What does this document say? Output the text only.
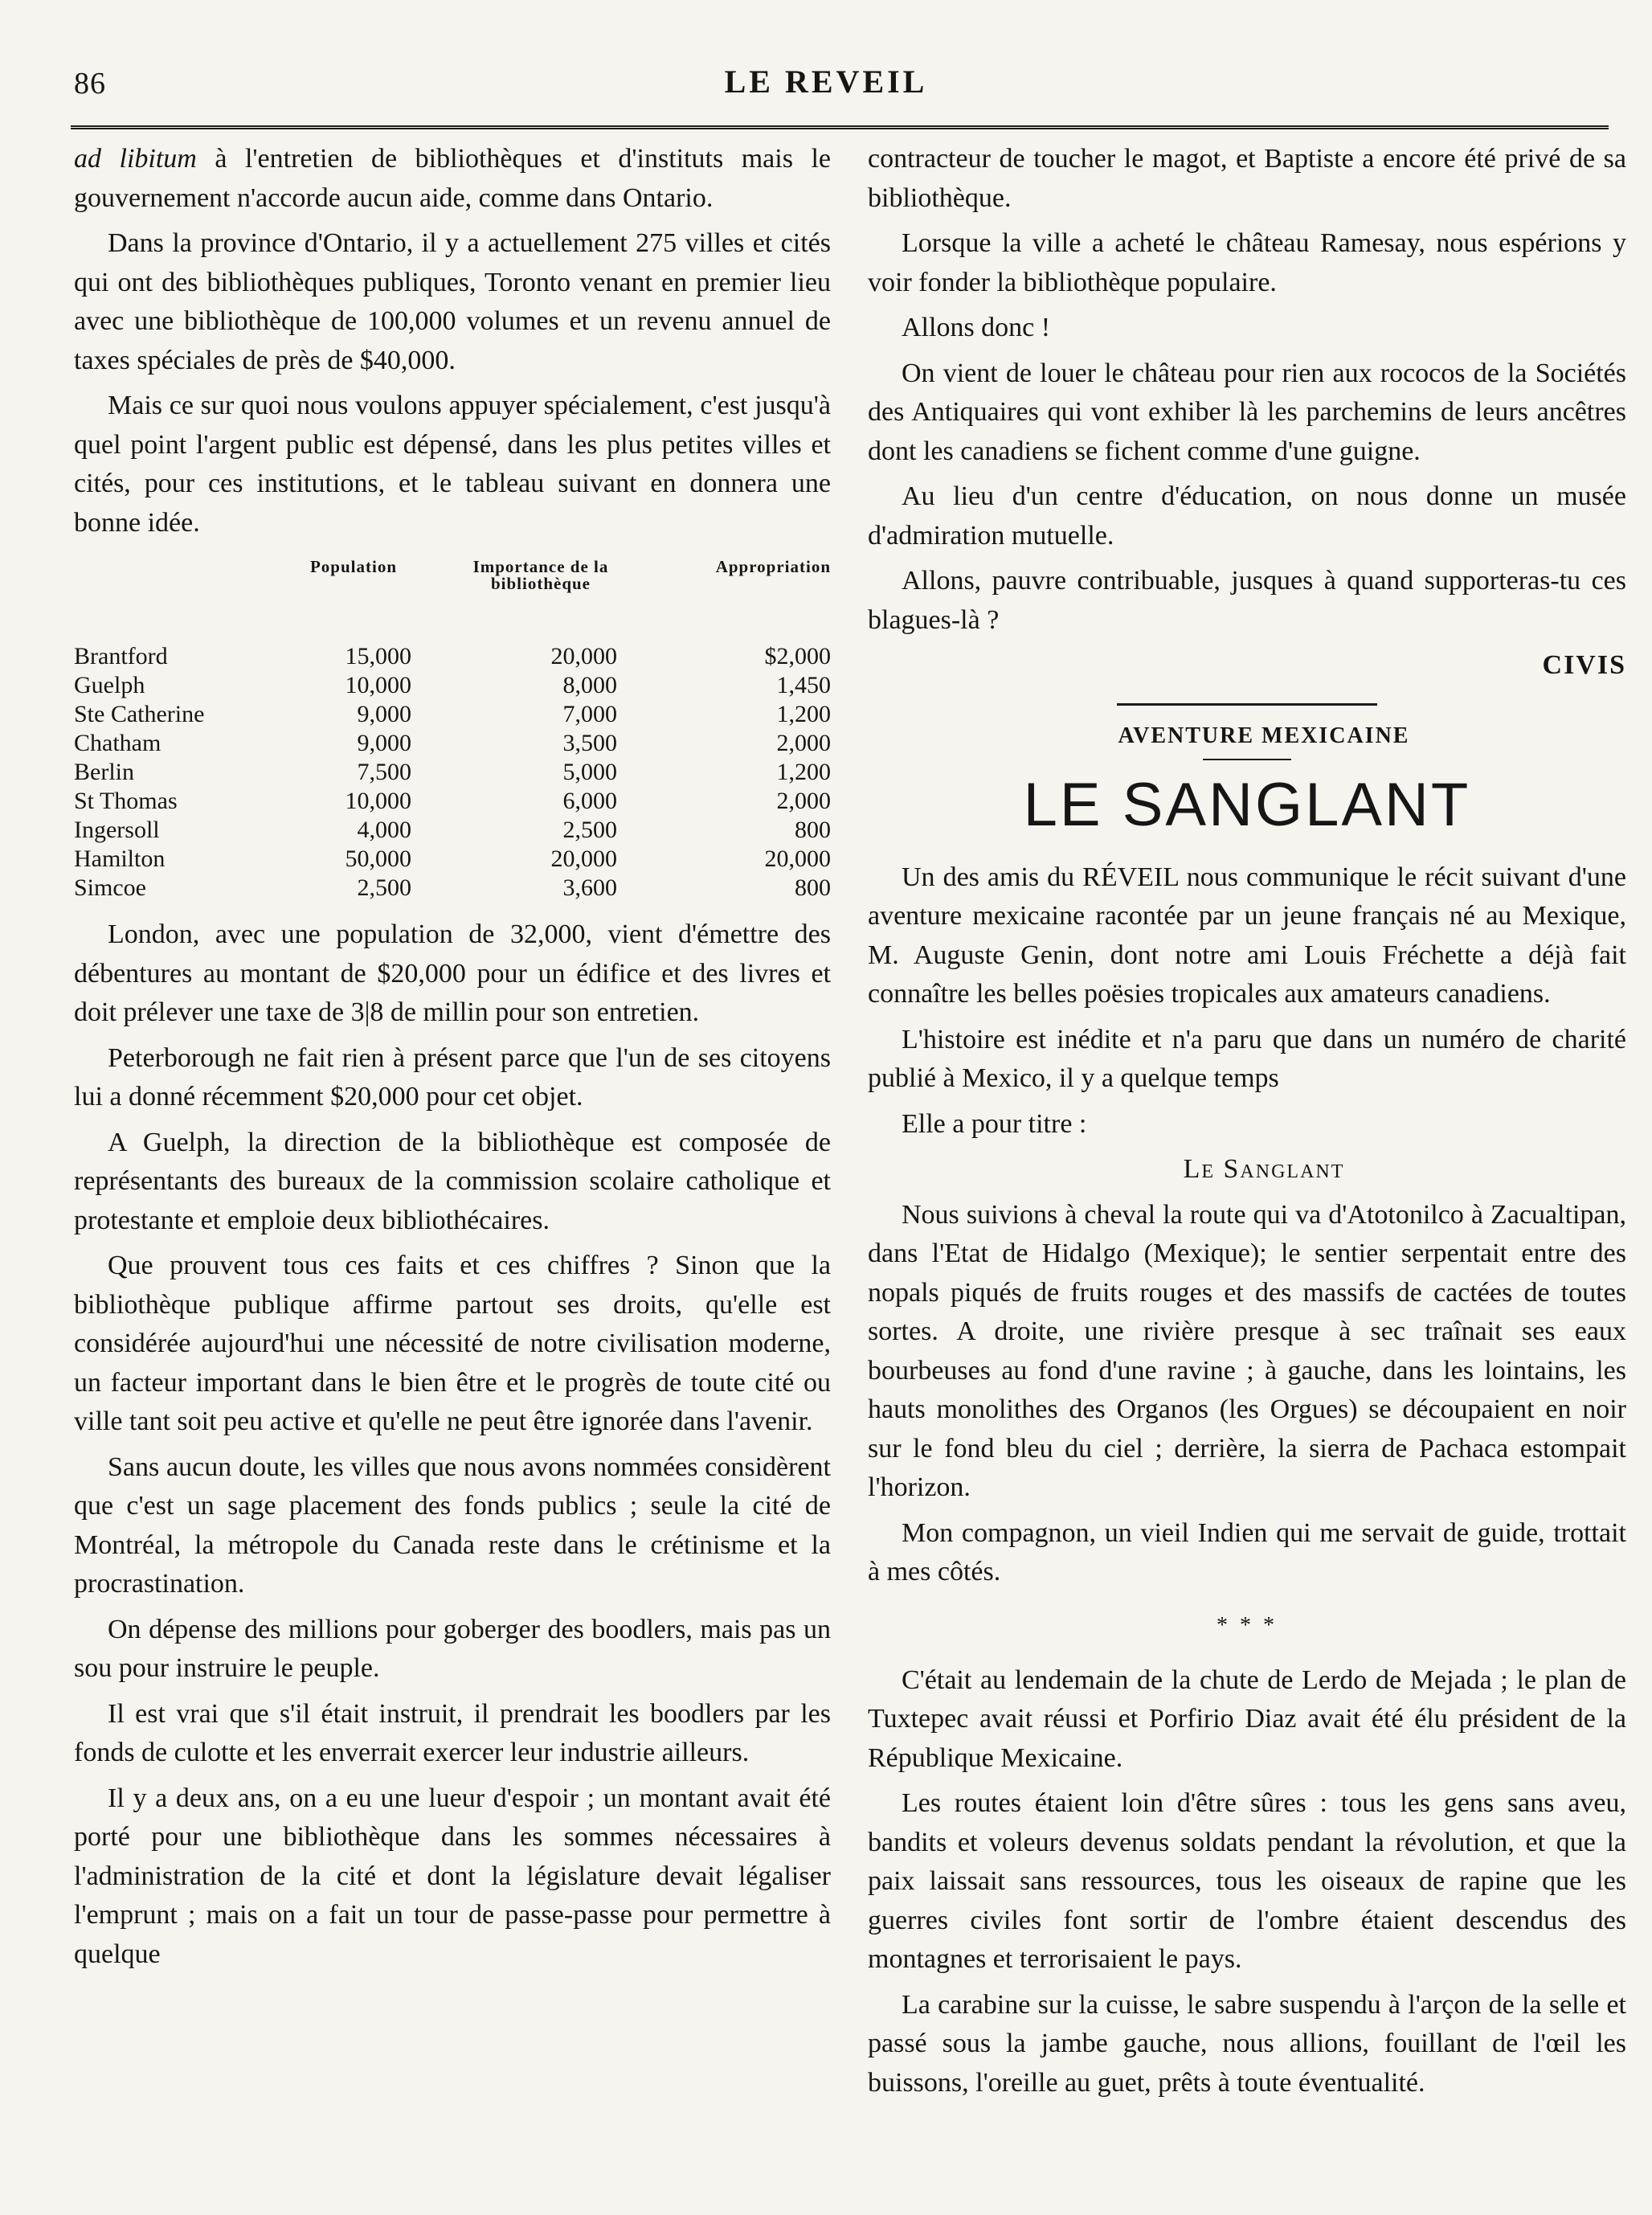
86	LE REVEIL

ad libitum à l'entretien de bibliothèques et d'instituts mais le gouvernement n'accorde aucun aide, comme dans Ontario.

Dans la province d'Ontario, il y a actuellement 275 villes et cités qui ont des bibliothèques publiques, Toronto venant en premier lieu avec une bibliothèque de 100,000 volumes et un revenu annuel de taxes spéciales de près de $40,000.

Mais ce sur quoi nous voulons appuyer spécialement, c'est jusqu'à quel point l'argent public est dépensé, dans les plus petites villes et cités, pour ces institutions, et le tableau suivant en donnera une bonne idée.

	Population	Importance de la bibliothèque	Appropriation
Brantford	15,000	20,000	$2,000
Guelph	10,000	8,000	1,450
Ste Catherine	9,000	7,000	1,200
Chatham	9,000	3,500	2,000
Berlin	7,500	5,000	1,200
St Thomas	10,000	6,000	2,000
Ingersoll	4,000	2,500	800
Hamilton	50,000	20,000	20,000
Simcoe	2,500	3,600	800

London, avec une population de 32,000, vient d'émettre des débentures au montant de $20,000 pour un édifice et des livres et doit prélever une taxe de 3|8 de millin pour son entretien.

Peterborough ne fait rien à présent parce que l'un de ses citoyens lui a donné récemment $20,000 pour cet objet.

A Guelph, la direction de la bibliothèque est composée de représentants des bureaux de la commission scolaire catholique et protestante et emploie deux bibliothécaires.

Que prouvent tous ces faits et ces chiffres ? Sinon que la bibliothèque publique affirme partout ses droits, qu'elle est considérée aujourd'hui une nécessité de notre civilisation moderne, un facteur important dans le bien être et le progrès de toute cité ou ville tant soit peu active et qu'elle ne peut être ignorée dans l'avenir.

Sans aucun doute, les villes que nous avons nommées considèrent que c'est un sage placement des fonds publics ; seule la cité de Montréal, la métropole du Canada reste dans le crétinisme et la procrastination.

On dépense des millions pour goberger des boodlers, mais pas un sou pour instruire le peuple.

Il est vrai que s'il était instruit, il prendrait les boodlers par les fonds de culotte et les enverrait exercer leur industrie ailleurs.

Il y a deux ans, on a eu une lueur d'espoir ; un montant avait été porté pour une bibliothèque dans les sommes nécessaires à l'administration de la cité et dont la législature devait légaliser l'emprunt ; mais on a fait un tour de passe-passe pour permettre à quelque

contracteur de toucher le magot, et Baptiste a encore été privé de sa bibliothèque.

Lorsque la ville a acheté le château Ramesay, nous espérions y voir fonder la bibliothèque populaire.

Allons donc !

On vient de louer le château pour rien aux rococos de la Sociétés des Antiquaires qui vont exhiber là les parchemins de leurs ancêtres dont les canadiens se fichent comme d'une guigne.

Au lieu d'un centre d'éducation, on nous donne un musée d'admiration mutuelle.

Allons, pauvre contribuable, jusques à quand supporteras-tu ces blagues-là ?

CIVIS

AVENTURE MEXICAINE

LE SANGLANT

Un des amis du RÉVEIL nous communique le récit suivant d'une aventure mexicaine racontée par un jeune français né au Mexique, M. Auguste Genin, dont notre ami Louis Fréchette a déjà fait connaître les belles poësies tropicales aux amateurs canadiens.

L'histoire est inédite et n'a paru que dans un numéro de charité publié à Mexico, il y a quelque temps

Elle a pour titre :

Le Sanglant

Nous suivions à cheval la route qui va d'Atotonilco à Zacualtipan, dans l'Etat de Hidalgo (Mexique); le sentier serpentait entre des nopals piqués de fruits rouges et des massifs de cactées de toutes sortes. A droite, une rivière presque à sec traînait ses eaux bourbeuses au fond d'une ravine ; à gauche, dans les lointains, les hauts monolithes des Organos (les Orgues) se découpaient en noir sur le fond bleu du ciel ; derrière, la sierra de Pachaca estompait l'horizon.

Mon compagnon, un vieil Indien qui me servait de guide, trottait à mes côtés.

* * *

C'était au lendemain de la chute de Lerdo de Mejada ; le plan de Tuxtepec avait réussi et Porfirio Diaz avait été élu président de la République Mexicaine.

Les routes étaient loin d'être sûres : tous les gens sans aveu, bandits et voleurs devenus soldats pendant la révolution, et que la paix laissait sans ressources, tous les oiseaux de rapine que les guerres civiles font sortir de l'ombre étaient descendus des montagnes et terrorisaient le pays.

La carabine sur la cuisse, le sabre suspendu à l'arçon de la selle et passé sous la jambe gauche, nous allions, fouillant de l'œil les buissons, l'oreille au guet, prêts à toute éventualité.
